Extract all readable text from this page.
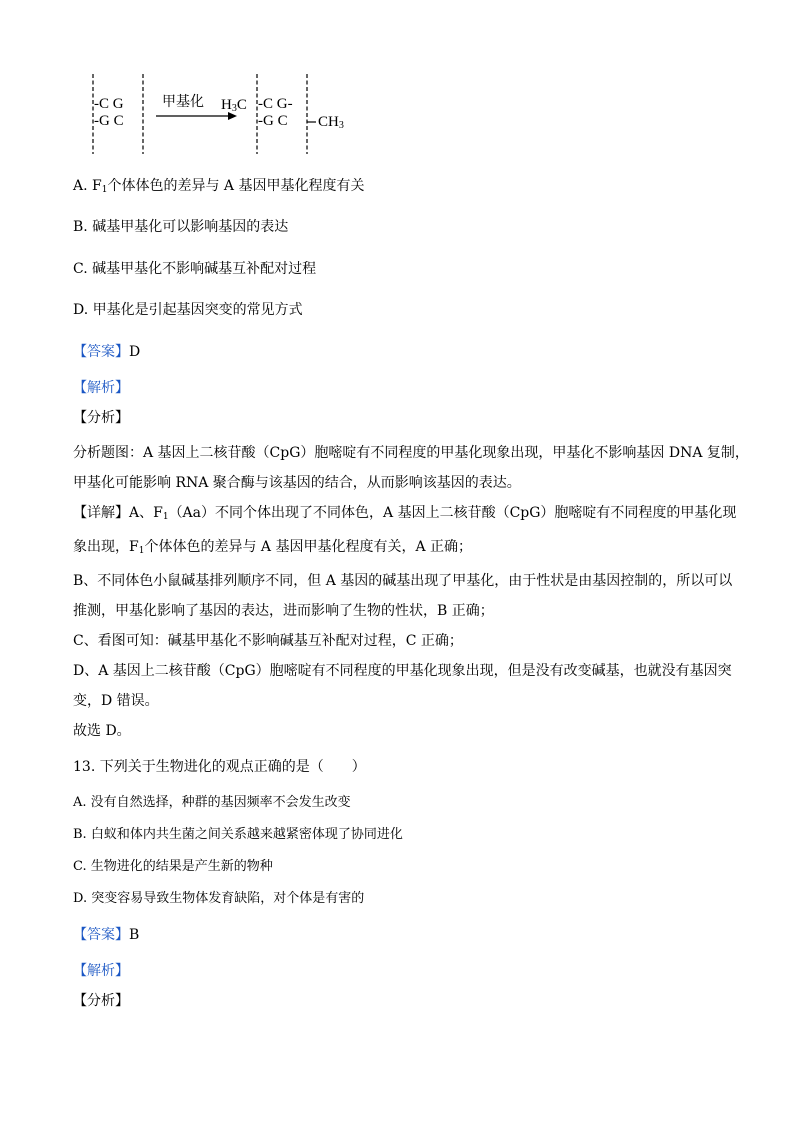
-C G
-G C
甲基化 $H_3C$ -C G-
-G C $CH_3$
A. $F_1$个体体色的差异与 A 基因甲基化程度有关
B. 碱基甲基化可以影响基因的表达
C. 碱基甲基化不影响碱基互补配对过程
D. 甲基化是引起基因突变的常见方式
【答案】D
【解析】
【分析】
分析题图：A 基因上二核苷酸（CpG）胞嘧啶有不同程度的甲基化现象出现，甲基化不影响基因 DNA 复制，
甲基化可能影响 RNA 聚合酶与该基因的结合，从而影响该基因的表达。
【详解】A、$F_1(Aa)$不同个体出现了不同体色，A 基因上二核苷酸（CpG）胞嘧啶有不同程度的甲基化现
象出现，$F_1$个体体色的差异与 A 基因甲基化程度有关，A 正确；
B、不同体色小鼠碱基排列顺序不同，但 A 基因的碱基出现了甲基化，由于性状是由基因控制的，所以可以
推测，甲基化影响了基因的表达，进而影响了生物的性状，B 正确；
C、看图可知：碱基甲基化不影响碱基互补配对过程，C 正确；
D、A 基因上二核苷酸（CpG）胞嘧啶有不同程度的甲基化现象出现，但是没有改变碱基，也就没有基因突
变，D 错误。
故选 D。
13. 下列关于生物进化的观点正确的是（　　）
A. 没有自然选择，种群的基因频率不会发生改变
B. 白蚁和体内共生菌之间关系越来越紧密体现了协同进化
C. 生物进化的结果是产生新的物种
D. 突变容易导致生物体发育缺陷，对个体是有害的
【答案】B
【解析】
【分析】
